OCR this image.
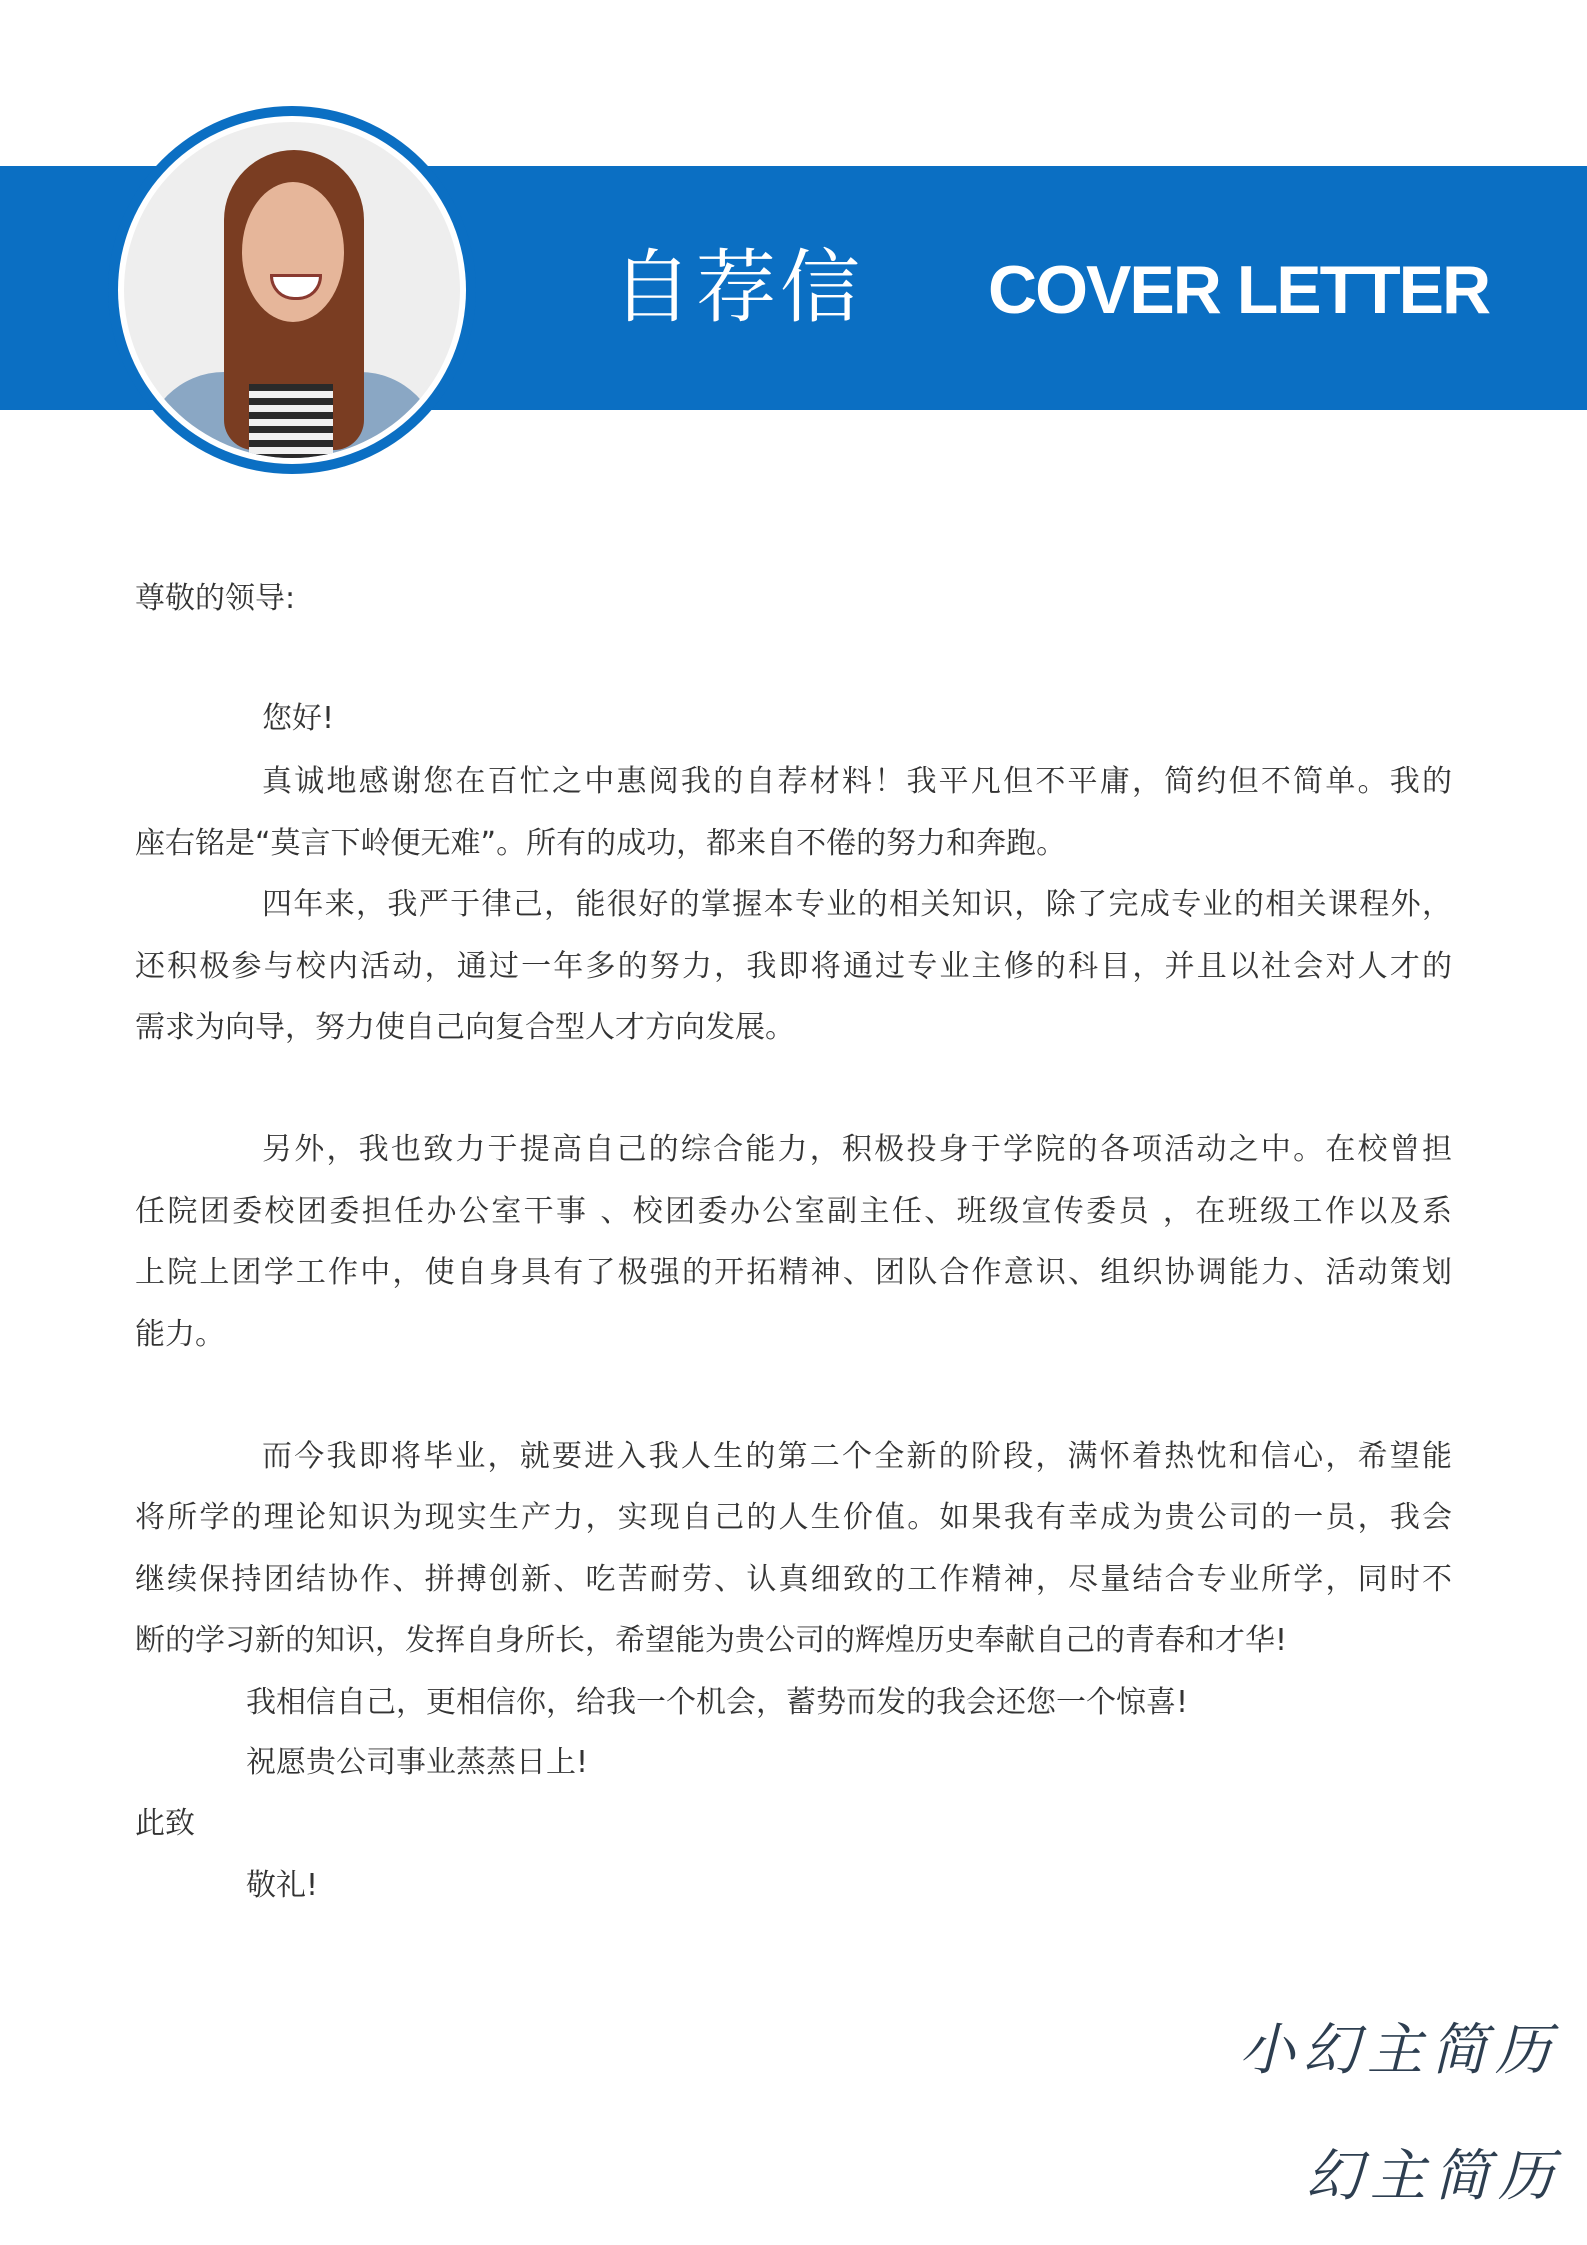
自荐信 COVER LETTER
尊敬的领导:
您好!
真诚地感谢您在百忙之中惠阅我的自荐材料！我平凡但不平庸，简约但不简单。我的
座右铭是“莫言下岭便无难”。所有的成功，都来自不倦的努力和奔跑。
四年来，我严于律己，能很好的掌握本专业的相关知识，除了完成专业的相关课程外，
还积极参与校内活动，通过一年多的努力，我即将通过专业主修的科目，并且以社会对人才的
需求为向导，努力使自己向复合型人才方向发展。
另外，我也致力于提高自己的综合能力，积极投身于学院的各项活动之中。在校曾担
任院团委校团委担任办公室干事 、校团委办公室副主任、班级宣传委员 ，在班级工作以及系
上院上团学工作中，使自身具有了极强的开拓精神、团队合作意识、组织协调能力、活动策划
能力。
而今我即将毕业，就要进入我人生的第二个全新的阶段，满怀着热忱和信心，希望能
将所学的理论知识为现实生产力，实现自己的人生价值。如果我有幸成为贵公司的一员，我会
继续保持团结协作、拼搏创新、吃苦耐劳、认真细致的工作精神，尽量结合专业所学，同时不
断的学习新的知识，发挥自身所长，希望能为贵公司的辉煌历史奉献自己的青春和才华!
我相信自己，更相信你，给我一个机会，蓄势而发的我会还您一个惊喜!
祝愿贵公司事业蒸蒸日上!
此致
敬礼!
小幻主简历
幻主简历
